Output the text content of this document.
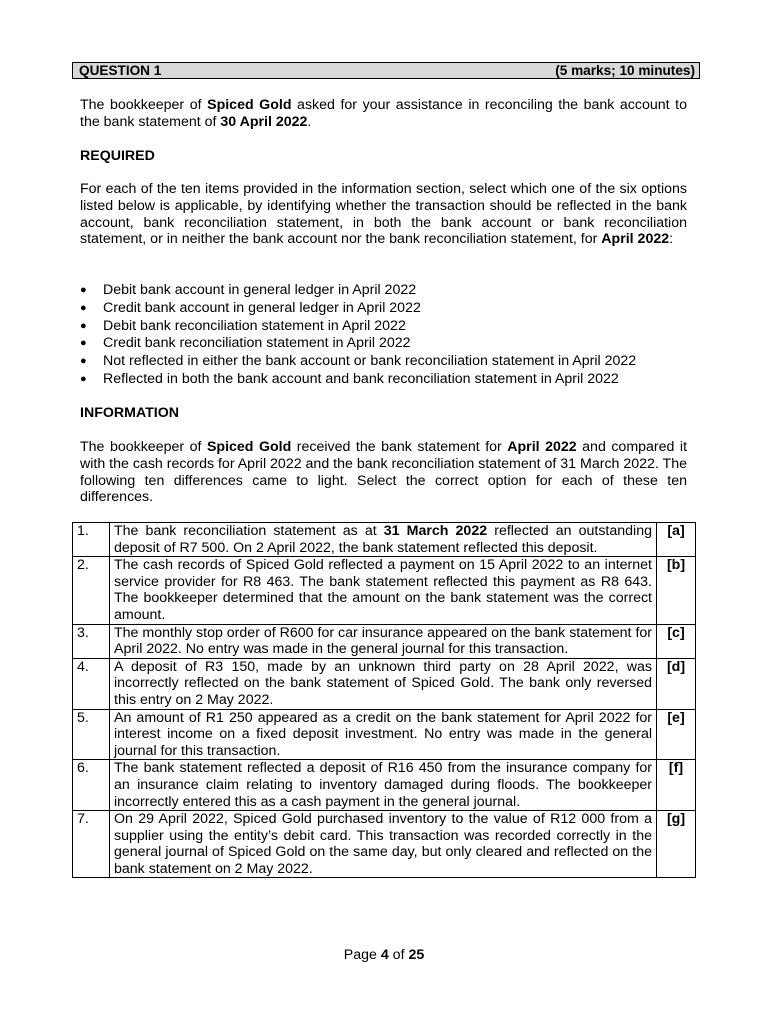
QUESTION 1	(5 marks; 10 minutes)
The bookkeeper of Spiced Gold asked for your assistance in reconciling the bank account to the bank statement of 30 April 2022.
REQUIRED
For each of the ten items provided in the information section, select which one of the six options listed below is applicable, by identifying whether the transaction should be reflected in the bank account, bank reconciliation statement, in both the bank account or bank reconciliation statement, or in neither the bank account nor the bank reconciliation statement, for April 2022:
● Debit bank account in general ledger in April 2022
● Credit bank account in general ledger in April 2022
● Debit bank reconciliation statement in April 2022
● Credit bank reconciliation statement in April 2022
● Not reflected in either the bank account or bank reconciliation statement in April 2022
● Reflected in both the bank account and bank reconciliation statement in April 2022
INFORMATION
The bookkeeper of Spiced Gold received the bank statement for April 2022 and compared it with the cash records for April 2022 and the bank reconciliation statement of 31 March 2022. The following ten differences came to light. Select the correct option for each of these ten differences.
1.	The bank reconciliation statement as at 31 March 2022 reflected an outstanding deposit of R7 500. On 2 April 2022, the bank statement reflected this deposit.	[a]
2.	The cash records of Spiced Gold reflected a payment on 15 April 2022 to an internet service provider for R8 463. The bank statement reflected this payment as R8 643. The bookkeeper determined that the amount on the bank statement was the correct amount.	[b]
3.	The monthly stop order of R600 for car insurance appeared on the bank statement for April 2022. No entry was made in the general journal for this transaction.	[c]
4.	A deposit of R3 150, made by an unknown third party on 28 April 2022, was incorrectly reflected on the bank statement of Spiced Gold. The bank only reversed this entry on 2 May 2022.	[d]
5.	An amount of R1 250 appeared as a credit on the bank statement for April 2022 for interest income on a fixed deposit investment. No entry was made in the general journal for this transaction.	[e]
6.	The bank statement reflected a deposit of R16 450 from the insurance company for an insurance claim relating to inventory damaged during floods. The bookkeeper incorrectly entered this as a cash payment in the general journal.	[f]
7.	On 29 April 2022, Spiced Gold purchased inventory to the value of R12 000 from a supplier using the entity’s debit card. This transaction was recorded correctly in the general journal of Spiced Gold on the same day, but only cleared and reflected on the bank statement on 2 May 2022.	[g]
Page 4 of 25
